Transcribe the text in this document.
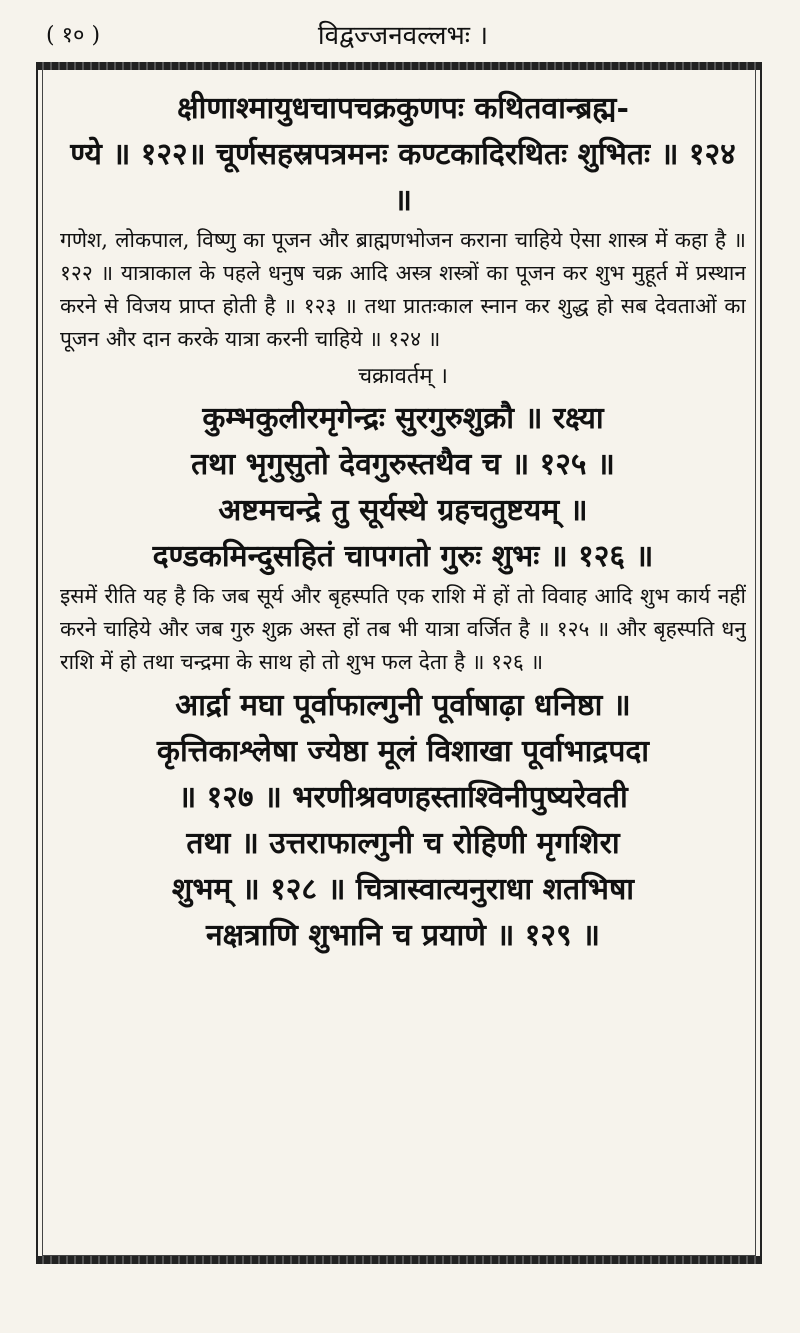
( १० )	विद्वज्जनवल्लभः ।

क्षीणाश्मायुधचापचक्रकुणपः कथितवान्ब्रह्म-

ण्ये ॥ १२२॥ चूर्णसहस्रपत्रमनः कण्टकादिरथितः शुभितः ॥ १२४ ॥

गणेश, लोकपाल, विष्णु का पूजन और ब्राह्मणभोजन कराना चाहिये ऐसा शास्त्र में कहा है ॥ १२२ ॥ यात्राकाल के पहले धनुष चक्र आदि अस्त्र शस्त्रों का पूजन कर शुभ मुहूर्त में प्रस्थान करने से विजय प्राप्त होती है ॥ १२३ ॥ तथा प्रातःकाल स्नान कर शुद्ध हो सब देवताओं का पूजन और दान करके यात्रा करनी चाहिये ॥ १२४ ॥

चक्रावर्तम् ।

कुम्भकुलीरमृगेन्द्रः सुरगुरुशुक्रौ ॥ रक्ष्या

तथा भृगुसुतो देवगुरुस्तथैव च ॥ १२५ ॥

अष्टमचन्द्रे तु सूर्यस्थे ग्रहचतुष्टयम् ॥

दण्डकमिन्दुसहितं चापगतो गुरुः शुभः ॥ १२६ ॥

इसमें रीति यह है कि जब सूर्य और बृहस्पति एक राशि में हों तो विवाह आदि शुभ कार्य नहीं करने चाहिये और जब गुरु शुक्र अस्त हों तब भी यात्रा वर्जित है ॥ १२५ ॥ और बृहस्पति धनु राशि में हो तथा चन्द्रमा के साथ हो तो शुभ फल देता है ॥ १२६ ॥

आर्द्रा मघा पूर्वाफाल्गुनी पूर्वाषाढ़ा धनिष्ठा ॥

कृत्तिकाश्लेषा ज्येष्ठा मूलं विशाखा पूर्वाभाद्रपदा

॥ १२७ ॥ भरणीश्रवणहस्ताश्विनीपुष्यरेवती

तथा ॥ उत्तराफाल्गुनी च रोहिणी मृगशिरा

शुभम् ॥ १२८ ॥ चित्रास्वात्यनुराधा शतभिषा

नक्षत्राणि शुभानि च प्रयाणे ॥ १२९ ॥
